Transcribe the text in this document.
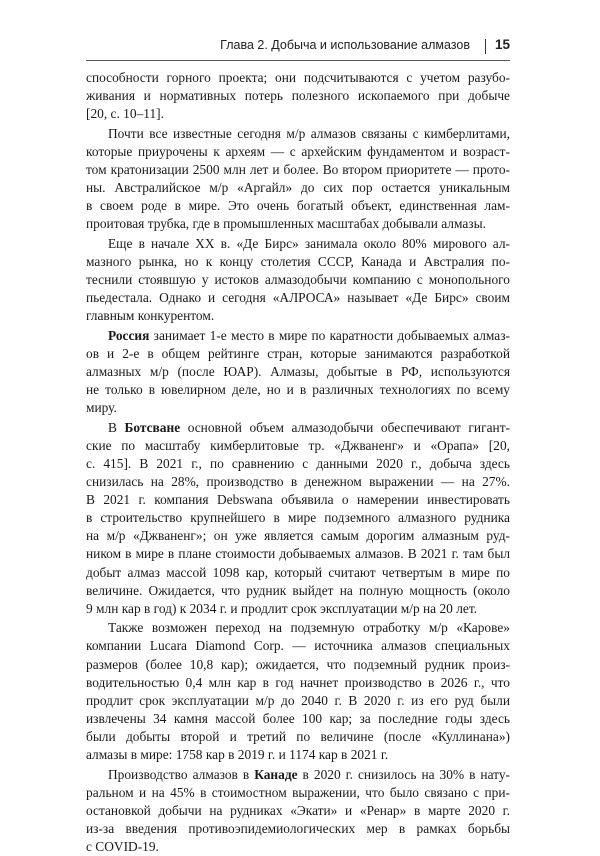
Глава 2. Добыча и использование алмазов 15
способности горного проекта; они подсчитываются с учетом разубо-
живания и нормативных потерь полезного ископаемого при добыче
[20, с. 10–11].
Почти все известные сегодня м/р алмазов связаны с кимберлитами,
которые приурочены к археям — с архейским фундаментом и возраст-
том кратонизации 2500 млн лет и более. Во втором приоритете — прото-
ны. Австралийское м/р «Аргайл» до сих пор остается уникальным
в своем роде в мире. Это очень богатый объект, единственная лам-
проитовая трубка, где в промышленных масштабах добывали алмазы.
Еще в начале XX в. «Де Бирс» занимала около 80% мирового ал-
мазного рынка, но к концу столетия СССР, Канада и Австралия по-
теснили стоявшую у истоков алмазодобычи компанию с монопольного
пьедестала. Однако и сегодня «АЛРОСА» называет «Де Бирс» своим
главным конкурентом.
Россия занимает 1-е место в мире по каратности добываемых алмаз-
ов и 2-е в общем рейтинге стран, которые занимаются разработкой
алмазных м/р (после ЮАР). Алмазы, добытые в РФ, используются
не только в ювелирном деле, но и в различных технологиях по всему
миру.
В Ботсване основной объем алмазодобычи обеспечивают гигант-
ские по масштабу кимберлитовые тр. «Джваненг» и «Орапа» [20,
с. 415]. В 2021 г., по сравнению с данными 2020 г., добыча здесь
снизилась на 28%, производство в денежном выражении — на 27%.
В 2021 г. компания Debswana объявила о намерении инвестировать
в строительство крупнейшего в мире подземного алмазного рудника
на м/р «Джваненг»; он уже является самым дорогим алмазным руд-
ником в мире в плане стоимости добываемых алмазов. В 2021 г. там был
добыт алмаз массой 1098 кар, который считают четвертым в мире по
величине. Ожидается, что рудник выйдет на полную мощность (около
9 млн кар в год) к 2034 г. и продлит срок эксплуатации м/р на 20 лет.
Также возможен переход на подземную отработку м/р «Карове»
компании Lucara Diamond Corp. — источника алмазов специальных
размеров (более 10,8 кар); ожидается, что подземный рудник произ-
водительностью 0,4 млн кар в год начнет производство в 2026 г., что
продлит срок эксплуатации м/р до 2040 г. В 2020 г. из его руд были
извлечены 34 камня массой более 100 кар; за последние годы здесь
были добыты второй и третий по величине (после «Куллинана»)
алмазы в мире: 1758 кар в 2019 г. и 1174 кар в 2021 г.
Производство алмазов в Канаде в 2020 г. снизилось на 30% в нату-
ральном и на 45% в стоимостном выражении, что было связано с при-
остановкой добычи на рудниках «Экати» и «Ренар» в марте 2020 г.
из-за введения противоэпидемиологических мер в рамках борьбы
с COVID-19.
